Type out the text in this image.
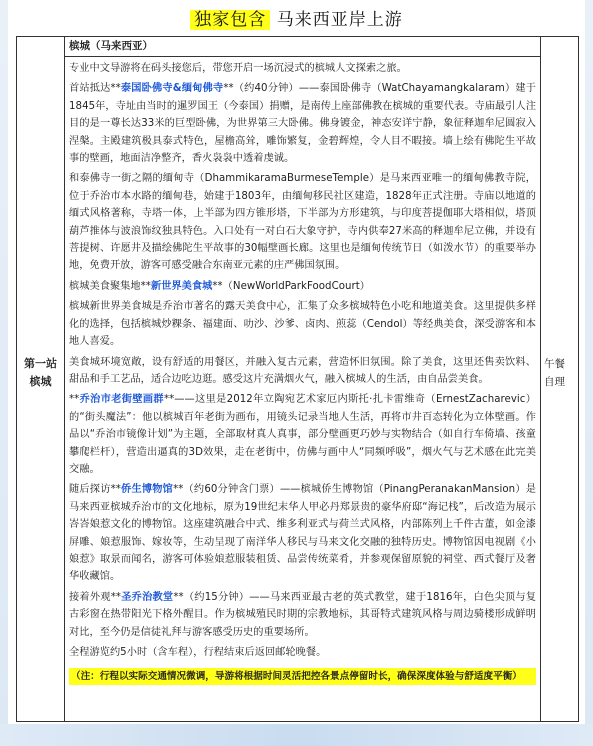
独家包含 马来西亚岸上游
第一站
槟城
槟城（马来西亚）

专业中文导游将在码头接您后，带您开启一场沉浸式的槟城人文探索之旅。

首站抵达**泰国卧佛寺&缅甸佛寺**（约40分钟）——泰国卧佛寺（WatChayamangkalaram）建于1845年，寺址由当时的暹罗国王（今泰国）捐赠，是南传上座部佛教在槟城的重要代表。寺庙最引人注目的是一尊长达33米的巨型卧佛，为世界第三大卧佛。佛身镀金，神态安详宁静，象征释迦牟尼圆寂入涅槃。主殿建筑极具泰式特色，屋檐高耸，雕饰繁复，金碧辉煌，令人目不暇接。墙上绘有佛陀生平故事的壁画，地面洁净整齐，香火袅袅中透着虔诚。

和泰佛寺一街之隔的缅甸寺（DhammikaramaBurmeseTemple）是马来西亚唯一的缅甸佛教寺院，位于乔治市本水路的缅甸巷，始建于1803年，由缅甸移民社区建造，1828年正式注册。寺庙以地道的缅式风格著称，寺塔一体，上半部为四方锥形塔，下半部为方形建筑，与印度菩提伽耶大塔相似，塔顶葫芦推体与波浪饰纹独具特色。入口处有一对白石大象守护，寺内供奉27米高的释迦牟尼立佛，并设有菩提树、许愿井及描绘佛陀生平故事的30幅壁画长廊。这里也是缅甸传统节日（如泼水节）的重要举办地，免费开放，游客可感受融合东南亚元素的庄严佛国氛围。

槟城美食聚集地**新世界美食城**（NewWorldParkFoodCourt）

槟城新世界美食城是乔治市著名的露天美食中心，汇集了众多槟城特色小吃和地道美食。这里提供多样化的选择，包括槟城炒粿条、福建面、叻沙、沙爹、卤肉、煎蕊（Cendol）等经典美食，深受游客和本地人喜爱。

美食城环境宽敞，设有舒适的用餐区，并融入复古元素，营造怀旧氛围。除了美食，这里还售卖饮料、甜品和手工艺品，适合边吃边逛。感受这片充满烟火气，融入槟城人的生活，由自品尝美食。

**乔治市老街壁画群**——这里是2012年立陶宛艺术家厄内斯托·扎卡雷维奇（ErnestZacharevic）的“街头魔法”：他以槟城百年老街为画布，用镜头记录当地人生活，再将市井百态转化为立体壁画。作品以“乔治市镜像计划”为主题，全部取材真人真事，部分壁画更巧妙与实物结合（如自行车倚墙、孩童攀爬栏杆），营造出逼真的3D效果，走在老街中，仿佛与画中人“同频呼吸”，烟火气与艺术感在此完美交融。

随后探访**侨生博物馆**（约60分钟含门票）——槟城侨生博物馆（PinangPeranakanMansion）是马来西亚槟城乔治市的文化地标，原为19世纪末华人甲必丹郑景贵的豪华府邸“海记栈”，后改造为展示峇峇娘惹文化的博物馆。这座建筑融合中式、维多利亚式与荷兰式风格，内部陈列上千件古董，如金漆屏雕、娘惹服饰、嫁妆等，生动呈现了南洋华人移民与马来文化交融的独特历史。博物馆因电视剧《小娘惹》取景而闻名，游客可体验娘惹服装租赁、品尝传统菜肴，并参观保留原貌的祠堂、西式餐厅及奢华收藏馆。

接着外观**圣乔治教堂**（约15分钟）——马来西亚最古老的英式教堂，建于1816年，白色尖顶与复古彩窗在热带阳光下格外醒目。作为槟城殖民时期的宗教地标，其哥特式建筑风格与周边骑楼形成鲜明对比，至今仍是信徒礼拜与游客感受历史的重要场所。

全程游览约5小时（含车程），行程结束后返回邮轮晚餐。

（注：行程以实际交通情况微调，导游将根据时间灵活把控各景点停留时长，确保深度体验与舒适度平衡）
午餐
自理
